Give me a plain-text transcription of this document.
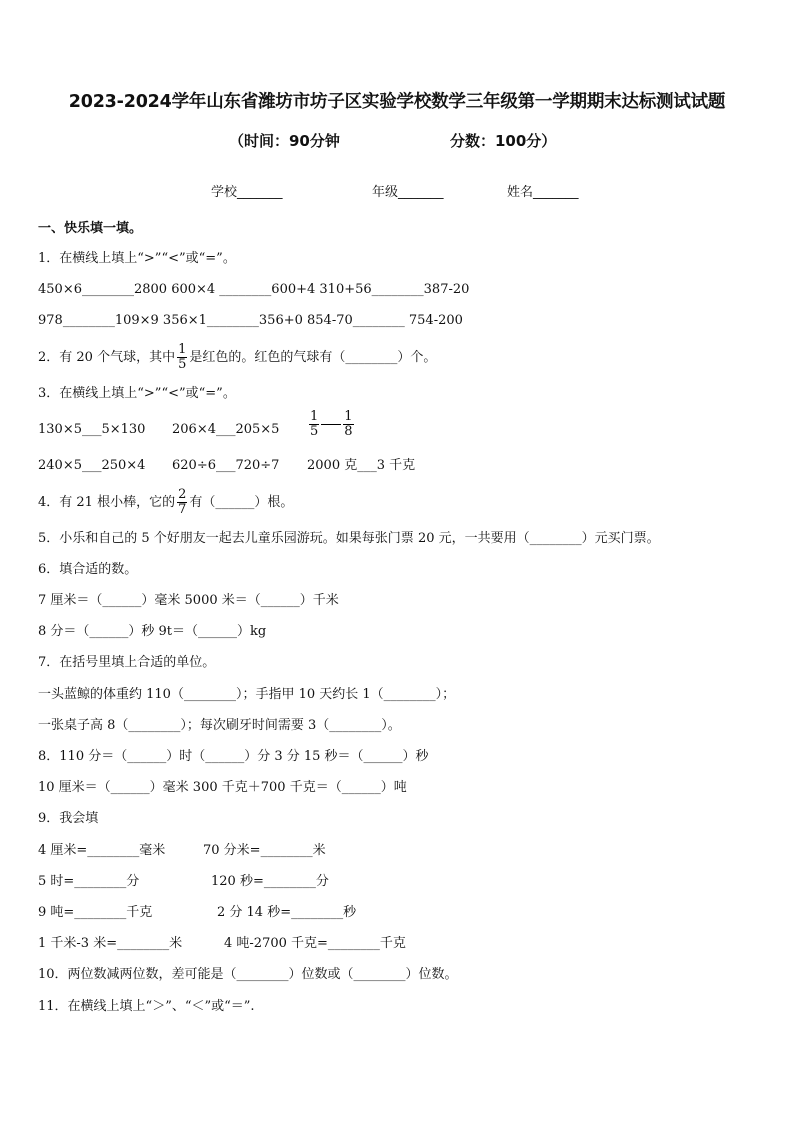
2023-2024学年山东省潍坊市坊子区实验学校数学三年级第一学期期末达标测试试题
（时间：90分钟	分数：100分）
学校_______	年级_______	姓名_______
一、快乐填一填。
1．在横线上填上“>”“<”或“=”。
450×6________2800 600×4 ________600+4 310+56________387-20
978________109×9 356×1________356+0 854-70________ 754-200
2．有 20 个气球，其中 $\frac{1}{5}$ 是红色的。红色的气球有（________）个。
3．在横线上填上“>”“<”或“=”。
130×5___5×130 206×4___205×5 $\frac{1}{5} \frac{1}{8}$
240×5___250×4 620÷6___720÷7 2000 克___3 千克
4．有 21 根小棒，它的 $\frac{2}{7}$ 有（______）根。
5．小乐和自己的 5 个好朋友一起去儿童乐园游玩。如果每张门票 20 元，一共要用（________）元买门票。
6．填合适的数。
7 厘米＝（______）毫米 5000 米＝（______）千米
8 分＝（______）秒 9t＝（______）kg
7．在括号里填上合适的单位。
一头蓝鲸的体重约 110（________）；手指甲 10 天约长 1（________）；
一张桌子高 8（________）；每次刷牙时间需要 3（________）。
8．110 分＝（______）时（______）分 3 分 15 秒＝（______）秒
10 厘米＝（______）毫米 300 千克＋700 千克＝（______）吨
9．我会填
4 厘米=________毫米	70 分米=________米
5 时=________分	120 秒=________分
9 吨=________千克	2 分 14 秒=________秒
1 千米-3 米=________米	4 吨-2700 千克=________千克
10．两位数减两位数，差可能是（________）位数或（________）位数。
11．在横线上填上“＞”、“＜”或“＝”.
